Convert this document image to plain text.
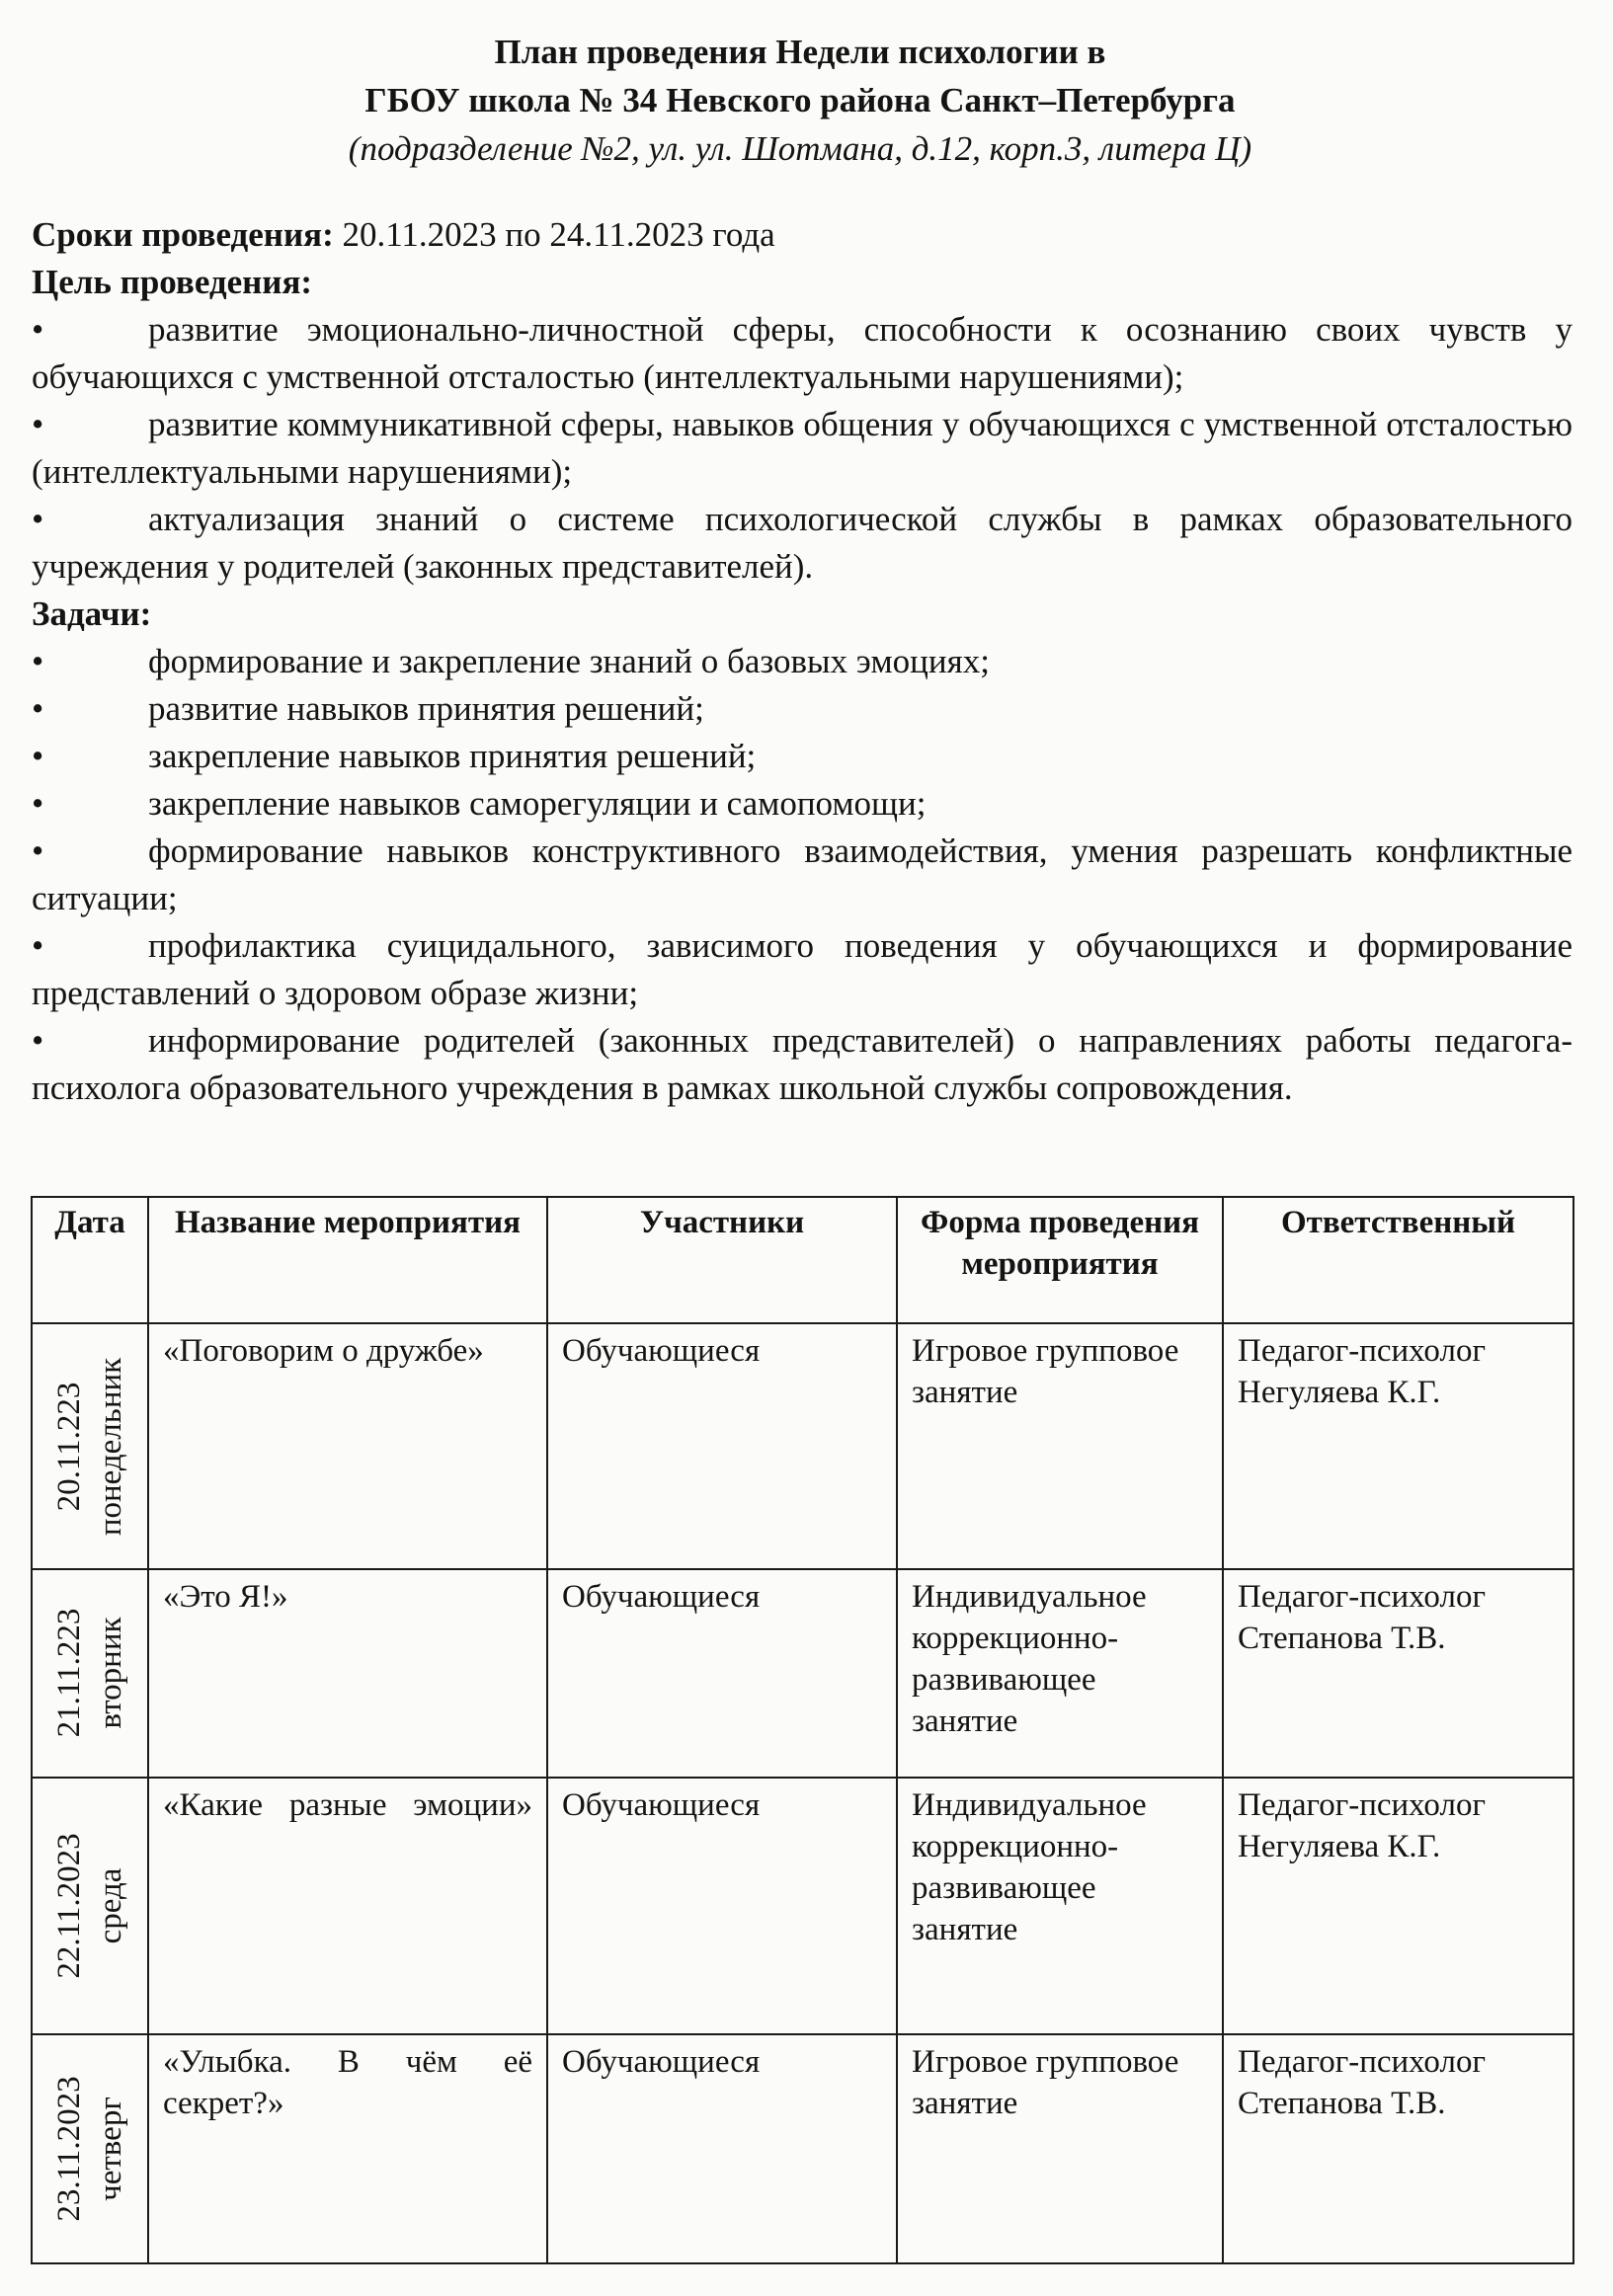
План проведения Недели психологии в
ГБОУ школа № 34 Невского района Санкт–Петербурга
(подразделение №2, ул. ул. Шотмана, д.12, корп.3, литера Ц)

Сроки проведения: 20.11.2023 по 24.11.2023 года

Цель проведения:

•	развитие эмоционально-личностной сферы, способности к осознанию своих чувств у обучающихся с умственной отсталостью (интеллектуальными нарушениями);

•	развитие коммуникативной сферы, навыков общения у обучающихся с умственной отсталостью (интеллектуальными нарушениями);

•	актуализация знаний о системе психологической службы в рамках образовательного учреждения у родителей (законных представителей).

Задачи:

•	формирование и закрепление знаний о базовых эмоциях;

•	развитие навыков принятия решений;

•	закрепление навыков принятия решений;

•	закрепление навыков саморегуляции и самопомощи;

•	формирование навыков конструктивного взаимодействия, умения разрешать конфликтные ситуации;

•	профилактика суицидального, зависимого поведения у обучающихся и формирование представлений о здоровом образе жизни;

•	информирование родителей (законных представителей) о направлениях работы педагога-психолога образовательного учреждения в рамках школьной службы сопровождения.

Дата	Название мероприятия	Участники	Форма проведения мероприятия	Ответственный

20.11.223 понедельник	«Поговорим о дружбе»	Обучающиеся	Игровое групповое занятие	Педагог-психолог Негуляева К.Г.

21.11.223 вторник	«Это Я!»	Обучающиеся	Индивидуальное коррекционно-развивающее занятие	Педагог-психолог Степанова Т.В.

22.11.2023 среда	«Какие разные эмоции»	Обучающиеся	Индивидуальное коррекционно-развивающее занятие	Педагог-психолог Негуляева К.Г.

23.11.2023 четверг	«Улыбка. В чём её секрет?»	Обучающиеся	Игровое групповое занятие	Педагог-психолог Степанова Т.В.
